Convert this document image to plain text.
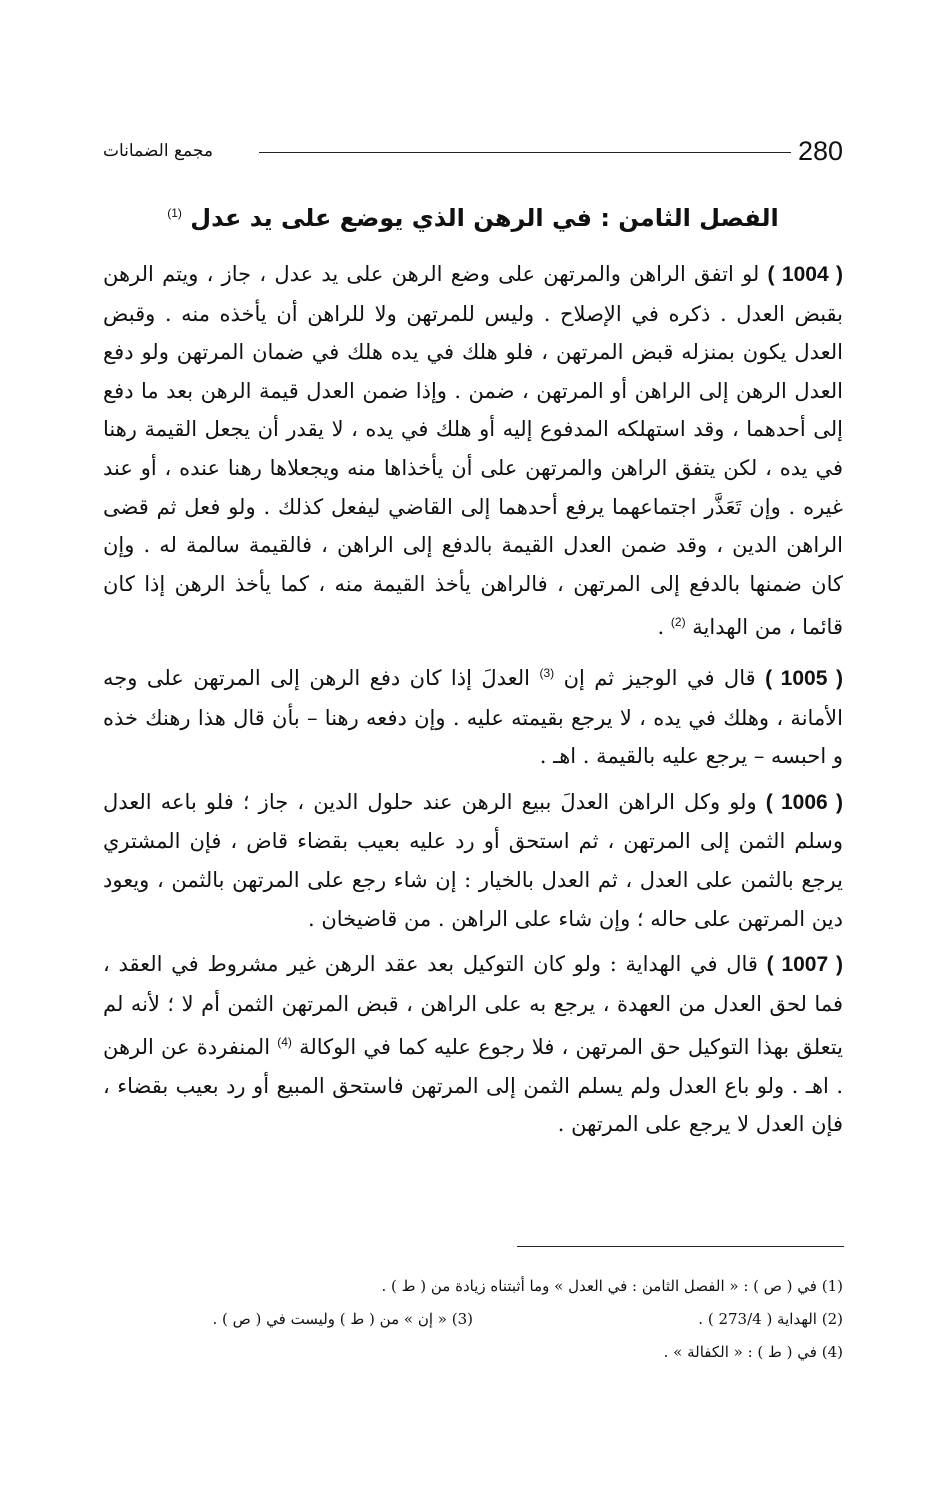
280
مجمع الضمانات
الفصل الثامن : في الرهن الذي يوضع على يد عدل $^{(1)}$

( 1004 ) لو اتفق الراهن والمرتهن على وضع الرهن على يد عدل ، جاز ، ويتم الرهن بقبض العدل . ذكره في الإصلاح . وليس للمرتهن ولا للراهن أن يأخذه منه . وقبض العدل يكون بمنزله قبض المرتهن ، فلو هلك في يده هلك في ضمان المرتهن ولو دفع العدل الرهن إلى الراهن أو المرتهن ، ضمن . وإذا ضمن العدل قيمة الرهن بعد ما دفع إلى أحدهما ، وقد استهلكه المدفوع إليه أو هلك في يده ، لا يقدر أن يجعل القيمة رهنا في يده ، لكن يتفق الراهن والمرتهن على أن يأخذاها منه ويجعلاها رهنا عنده ، أو عند غيره . وإن تَعَذَّر اجتماعهما يرفع أحدهما إلى القاضي ليفعل كذلك . ولو فعل ثم قضى الراهن الدين ، وقد ضمن العدل القيمة بالدفع إلى الراهن ، فالقيمة سالمة له . وإن كان ضمنها بالدفع إلى المرتهن ، فالراهن يأخذ القيمة منه ، كما يأخذ الرهن إذا كان قائما ، من الهداية $^{(2)}$ .

( 1005 ) قال في الوجيز ثم إن $^{(3)}$ العدلَ إذا كان دفع الرهن إلى المرتهن على وجه الأمانة ، وهلك في يده ، لا يرجع بقيمته عليه . وإن دفعه رهنا – بأن قال هذا رهنك خذه و احبسه – يرجع عليه بالقيمة . اهـ .

( 1006 ) ولو وكل الراهن العدلَ ببيع الرهن عند حلول الدين ، جاز ؛ فلو باعه العدل وسلم الثمن إلى المرتهن ، ثم استحق أو رد عليه بعيب بقضاء قاض ، فإن المشتري يرجع بالثمن على العدل ، ثم العدل بالخيار : إن شاء رجع على المرتهن بالثمن ، ويعود دين المرتهن على حاله ؛ وإن شاء على الراهن . من قاضيخان .

( 1007 ) قال في الهداية : ولو كان التوكيل بعد عقد الرهن غير مشروط في العقد ، فما لحق العدل من العهدة ، يرجع به على الراهن ، قبض المرتهن الثمن أم لا ؛ لأنه لم يتعلق بهذا التوكيل حق المرتهن ، فلا رجوع عليه كما في الوكالة $^{(4)}$ المنفردة عن الرهن . اهـ . ولو باع العدل ولم يسلم الثمن إلى المرتهن فاستحق المبيع أو رد بعيب بقضاء ، فإن العدل لا يرجع على المرتهن .

(1) في ( ص ) : « الفصل الثامن : في العدل » وما أثبتناه زيادة من ( ط ) .
(2) الهداية ( 273/4 ) .
(3) « إن » من ( ط ) وليست في ( ص ) .
(4) في ( ط ) : « الكفالة » .
